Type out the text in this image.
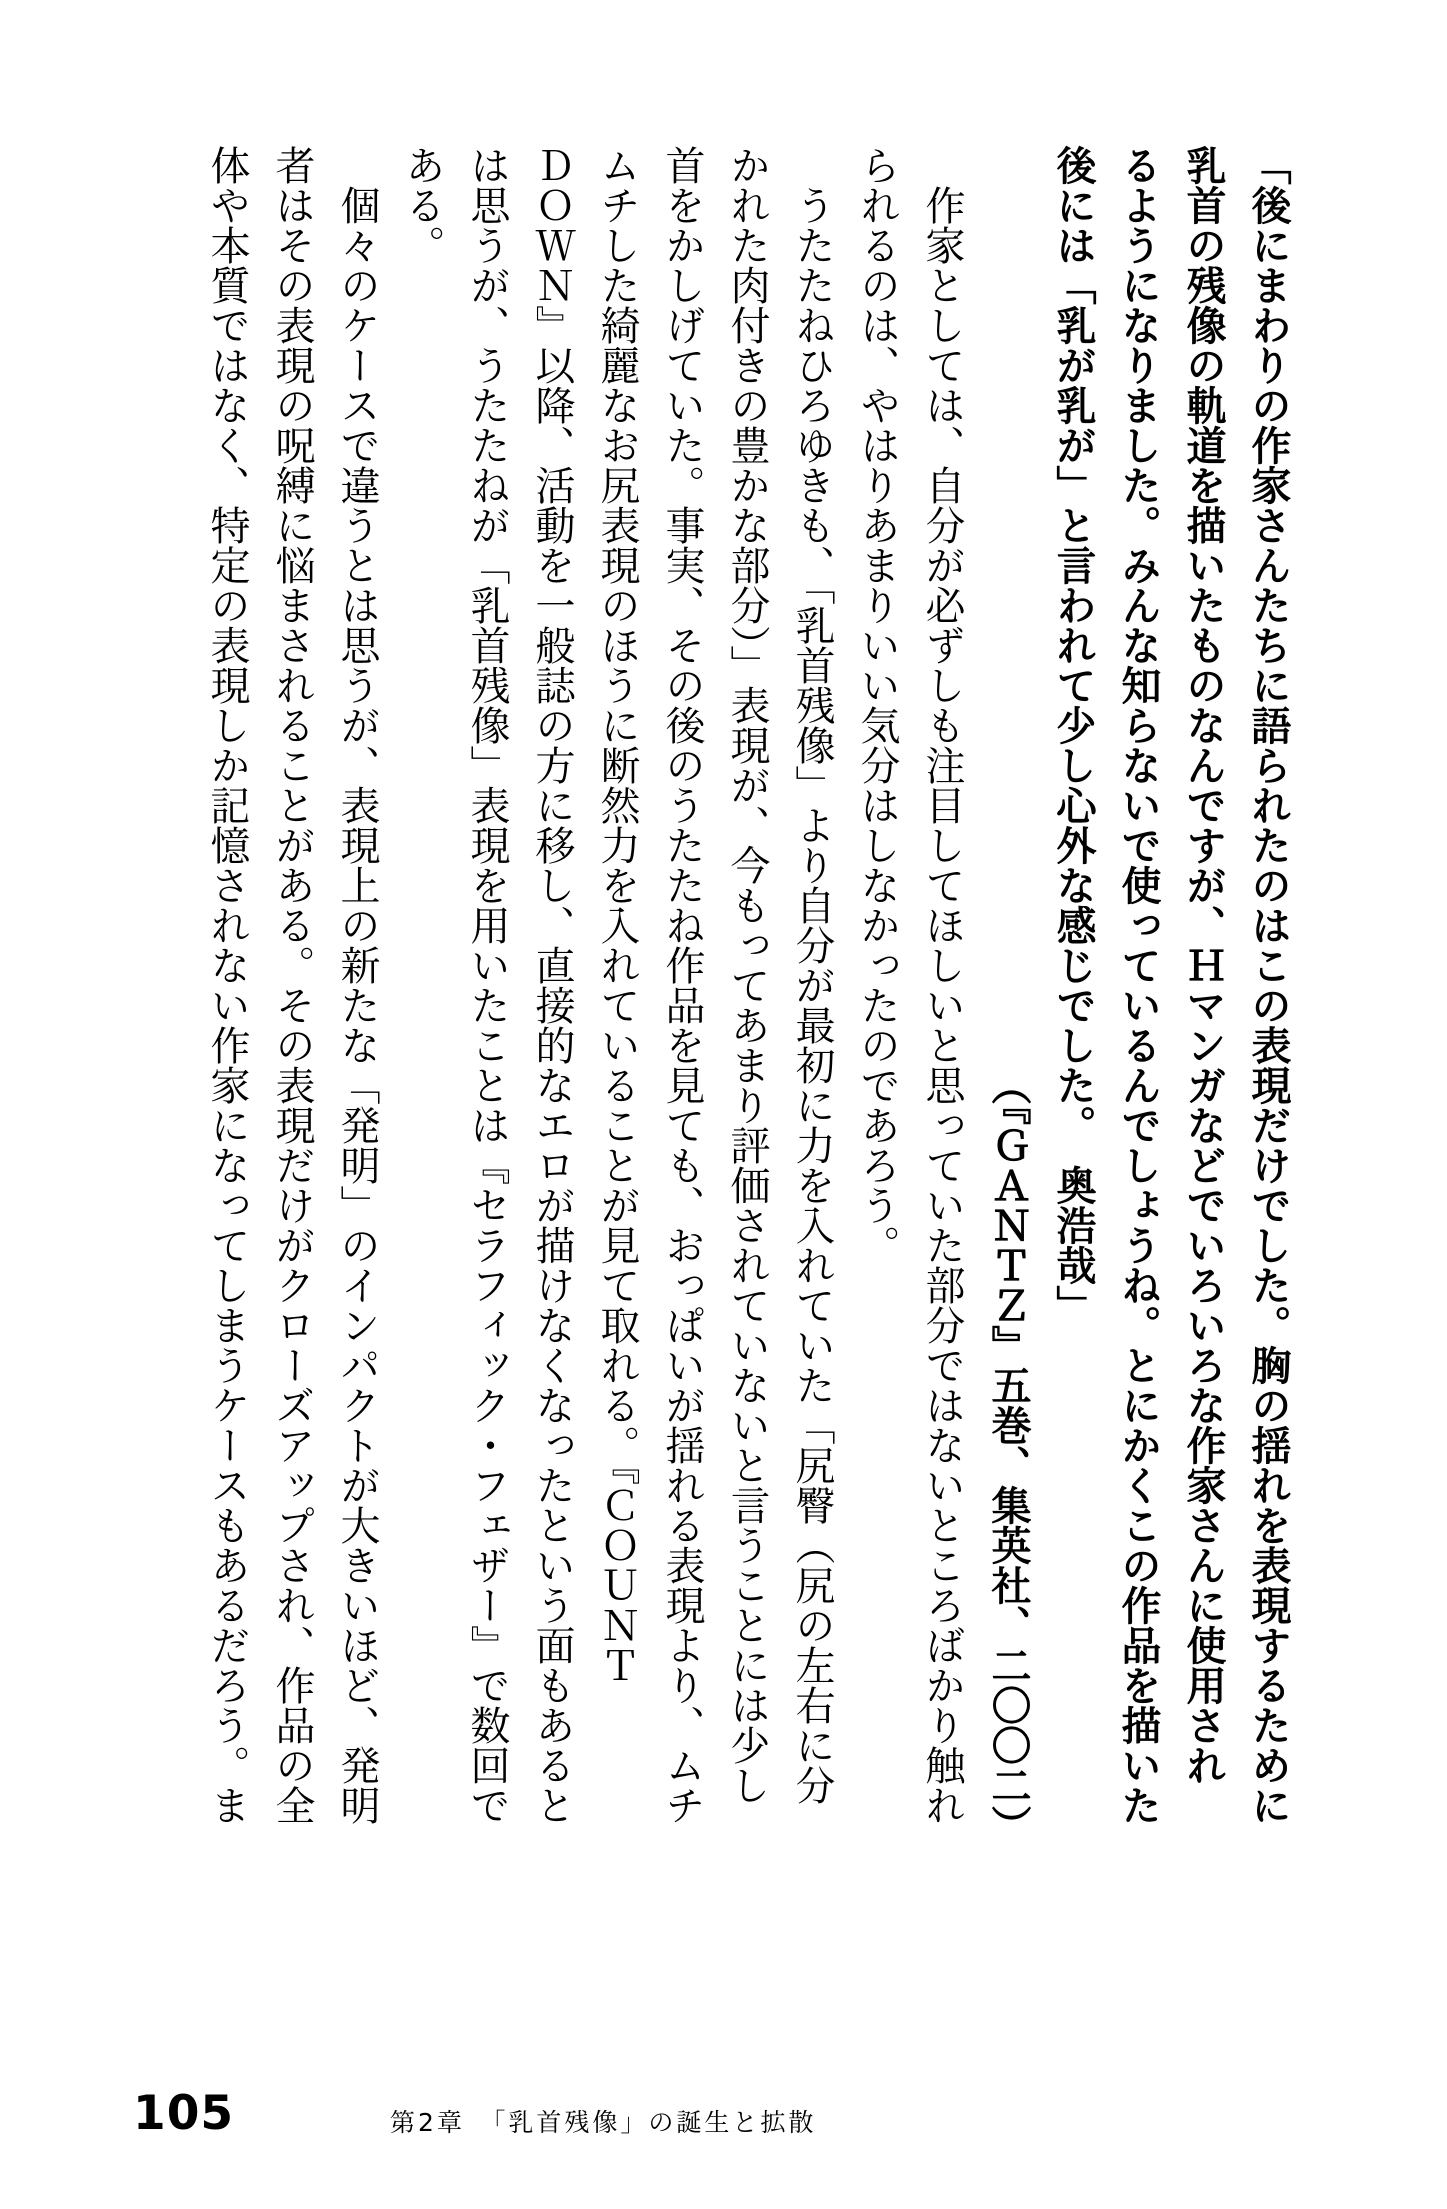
「後にまわりの作家さんたちに語られたのはこの表現だけでした。胸の揺れを表現するために

乳首の残像の軌道を描いたものなんですが、Ｈマンガなどでいろいろな作家さんに使用され

るようになりました。みんな知らないで使っているんでしょうね。とにかくこの作品を描いた

後には「乳が乳が」と言われて少し心外な感じでした。　奥浩哉」

（『ＧＡＮＴＺ』五巻、集英社、二〇〇二）

作家としては、自分が必ずしも注目してほしいと思っていた部分ではないところばかり触れ

られるのは、やはりあまりいい気分はしなかったのであろう。

うたたねひろゆきも、「乳首残像」より自分が最初に力を入れていた「尻臀（尻の左右に分

かれた肉付きの豊かな部分）」表現が、今もってあまり評価されていないと言うことには少し

首をかしげていた。事実、その後のうたたね作品を見ても、おっぱいが揺れる表現より、ムチ

ムチした綺麗なお尻表現のほうに断然力を入れていることが見て取れる。『ＣＯＵＮＴ

ＤＯＷＮ』以降、活動を一般誌の方に移し、直接的なエロが描けなくなったという面もあると

は思うが、うたたねが「乳首残像」表現を用いたことは『セラフィック・フェザー』で数回で

ある。

個々のケースで違うとは思うが、表現上の新たな「発明」のインパクトが大きいほど、発明

者はその表現の呪縛に悩まされることがある。その表現だけがクローズアップされ、作品の全

体や本質ではなく、特定の表現しか記憶されない作家になってしまうケースもあるだろう。ま

105	第2章　「乳首残像」の誕生と拡散
